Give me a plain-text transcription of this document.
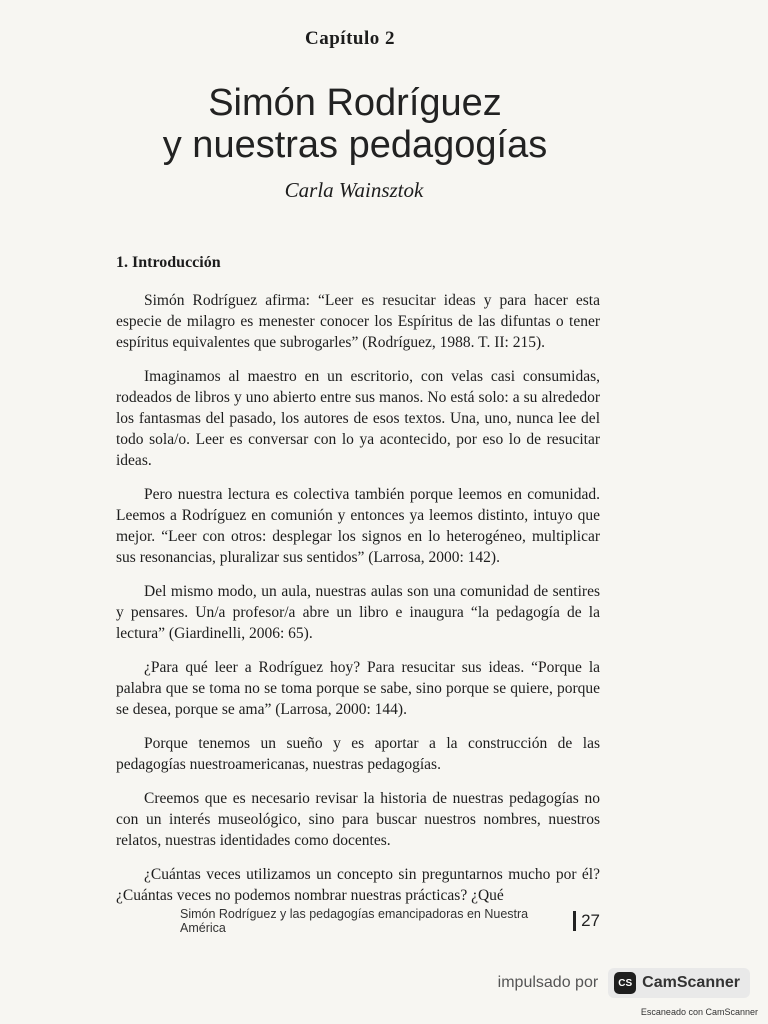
Capítulo 2
Simón Rodríguez
y nuestras pedagogías
Carla Wainsztok
1. Introducción

Simón Rodríguez afirma: “Leer es resucitar ideas y para hacer esta especie de milagro es menester conocer los Espíritus de las difuntas o tener espíritus equivalentes que subrogarles” (Rodríguez, 1988. T. II: 215).

Imaginamos al maestro en un escritorio, con velas casi consumidas, rodeados de libros y uno abierto entre sus manos. No está solo: a su alrededor los fantasmas del pasado, los autores de esos textos. Una, uno, nunca lee del todo sola/o. Leer es conversar con lo ya acontecido, por eso lo de resucitar ideas.

Pero nuestra lectura es colectiva también porque leemos en comunidad. Leemos a Rodríguez en comunión y entonces ya leemos distinto, intuyo que mejor. “Leer con otros: desplegar los signos en lo heterogéneo, multiplicar sus resonancias, pluralizar sus sentidos” (Larrosa, 2000: 142).

Del mismo modo, un aula, nuestras aulas son una comunidad de sentires y pensares. Un/a profesor/a abre un libro e inaugura “la pedagogía de la lectura” (Giardinelli, 2006: 65).

¿Para qué leer a Rodríguez hoy? Para resucitar sus ideas. “Porque la palabra que se toma no se toma porque se sabe, sino porque se quiere, porque se desea, porque se ama” (Larrosa, 2000: 144).

Porque tenemos un sueño y es aportar a la construcción de las pedagogías nuestroamericanas, nuestras pedagogías.

Creemos que es necesario revisar la historia de nuestras pedagogías no con un interés museológico, sino para buscar nuestros nombres, nuestros relatos, nuestras identidades como docentes.

¿Cuántas veces utilizamos un concepto sin preguntarnos mucho por él? ¿Cuántas veces no podemos nombrar nuestras prácticas? ¿Qué

Simón Rodríguez y las pedagogías emancipadoras en Nuestra América	27
impulsado por	CS CamScanner
Escaneado con CamScanner
